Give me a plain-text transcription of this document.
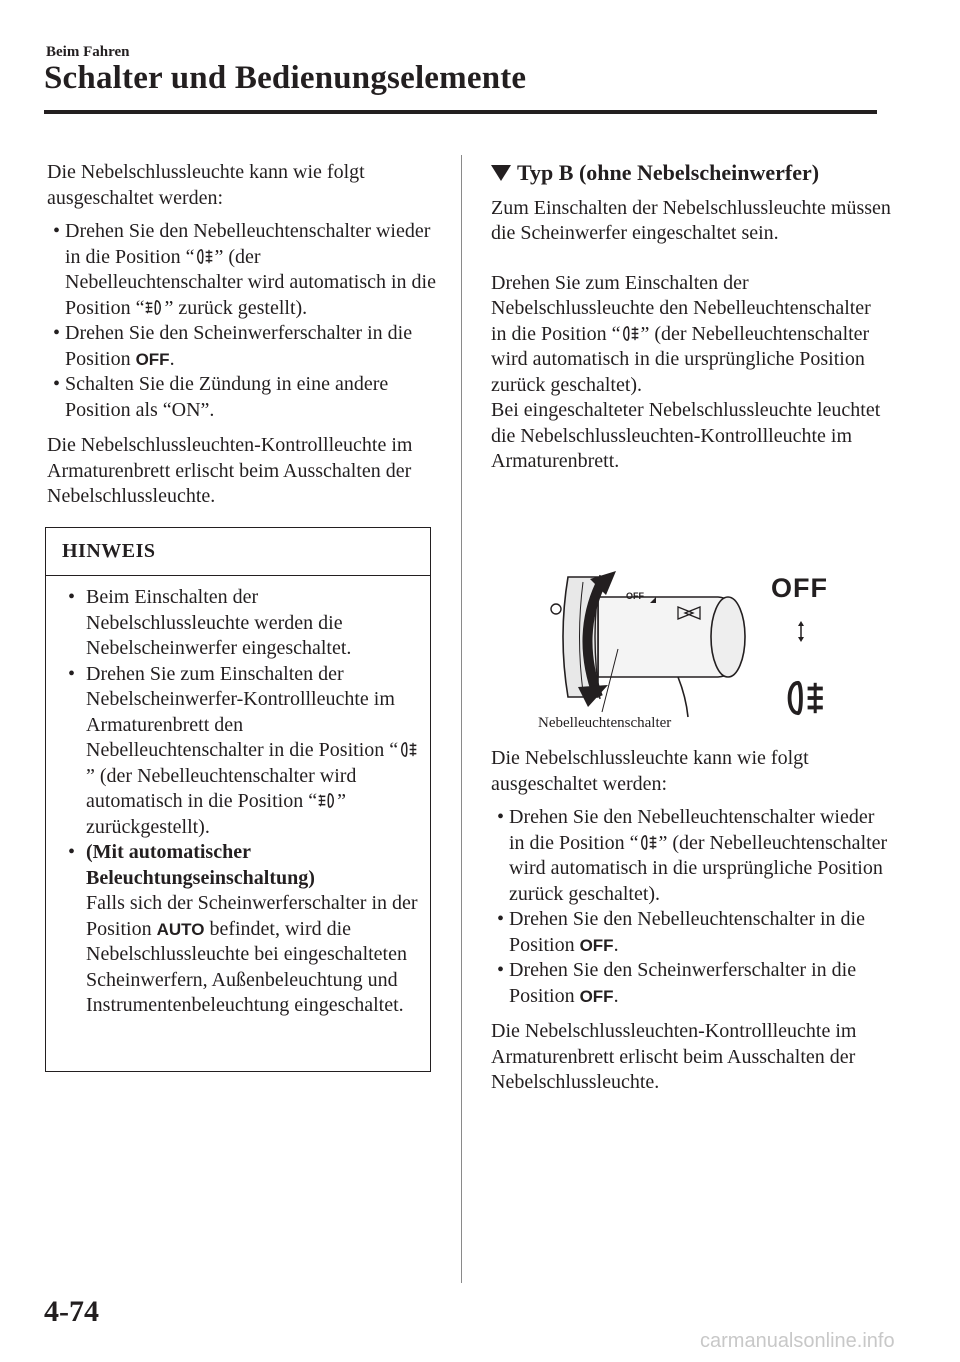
Beim Fahren
Schalter und Bedienungselemente

Die Nebelschlussleuchte kann wie folgt ausgeschaltet werden:

• Drehen Sie den Nebelleuchtenschalter wieder in die Position “ ” (der Nebelleuchtenschalter wird automatisch in die Position “ ” zurück gestellt).
• Drehen Sie den Scheinwerferschalter in die Position OFF.
• Schalten Sie die Zündung in eine andere Position als “ON”.

Die Nebelschlussleuchten-Kontrollleuchte im Armaturenbrett erlischt beim Ausschalten der Nebelschlussleuchte.

HINWEIS
• Beim Einschalten der Nebelschlussleuchte werden die Nebelscheinwerfer eingeschaltet.
• Drehen Sie zum Einschalten der Nebelscheinwerfer-Kontrollleuchte im Armaturenbrett den Nebelleuchtenschalter in die Position “” (der Nebelleuchtenschalter wird automatisch in die Position “ ” zurückgestellt).
• (Mit automatischer Beleuchtungseinschaltung)
Falls sich der Scheinwerferschalter in der Position AUTO befindet, wird die Nebelschlussleuchte bei eingeschalteten Scheinwerfern, Außenbeleuchtung und Instrumentenbeleuchtung eingeschaltet.
Typ B (ohne Nebelscheinwerfer)

Zum Einschalten der Nebelschlussleuchte müssen die Scheinwerfer eingeschaltet sein.

Drehen Sie zum Einschalten der Nebelschlussleuchte den Nebelleuchtenschalter in die Position “ ” (der Nebelleuchtenschalter wird automatisch in die ursprüngliche Position zurück geschaltet).

Bei eingeschalteter Nebelschlussleuchte leuchtet die Nebelschlussleuchten-Kontrollleuchte im Armaturenbrett.

OFF	OFF
Nebelleuchtenschalter

Die Nebelschlussleuchte kann wie folgt ausgeschaltet werden:

• Drehen Sie den Nebelleuchtenschalter wieder in die Position “ ” (der Nebelleuchtenschalter wird automatisch in die ursprüngliche Position zurück geschaltet).
• Drehen Sie den Nebelleuchtenschalter in die Position OFF.
• Drehen Sie den Scheinwerferschalter in die Position OFF.

Die Nebelschlussleuchten-Kontrollleuchte im Armaturenbrett erlischt beim Ausschalten der Nebelschlussleuchte.

4-74
carmanualsonline.info
